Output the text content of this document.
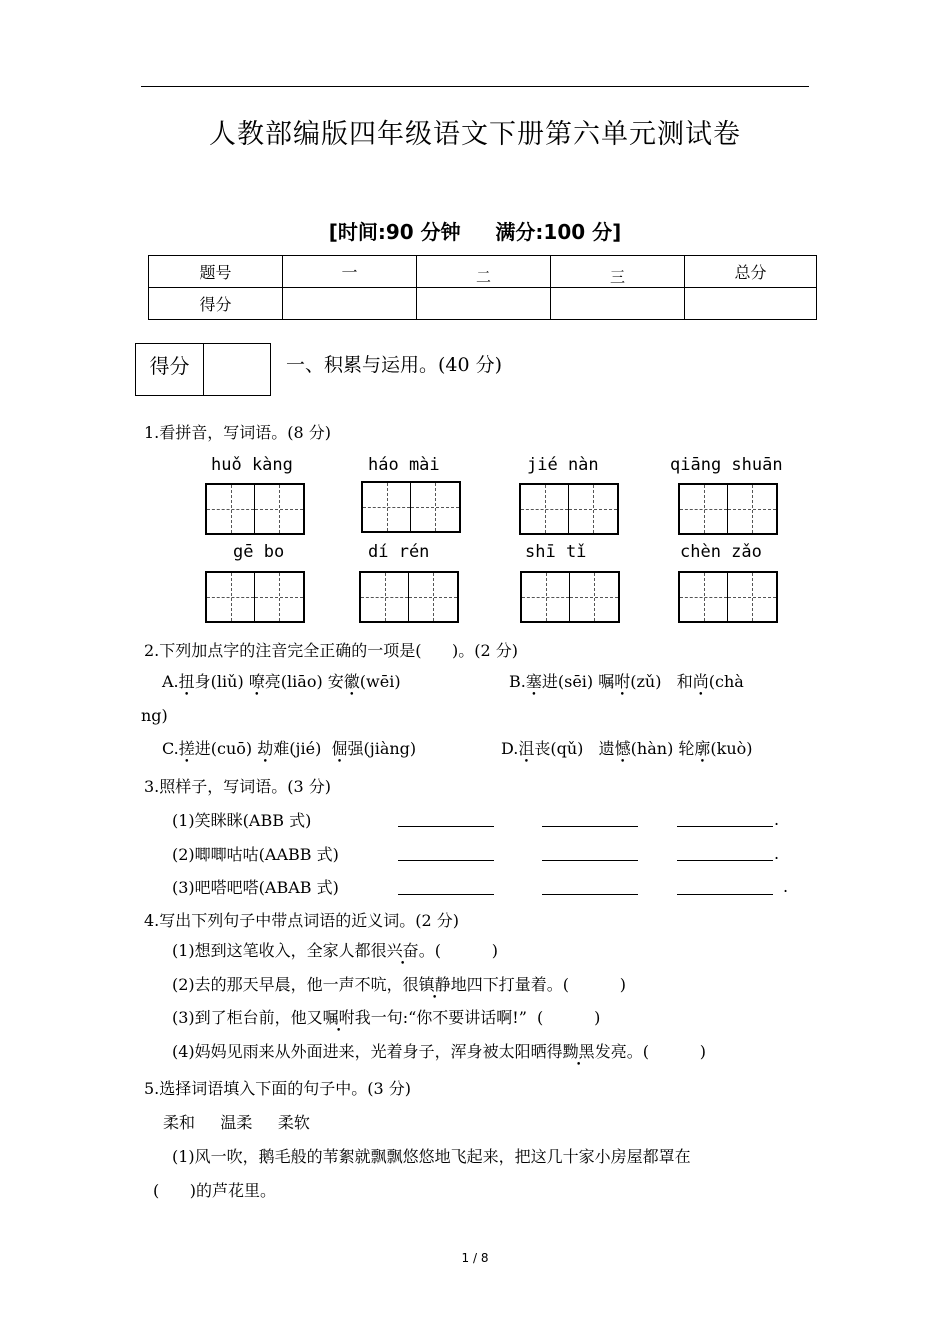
人教部编版四年级语文下册第六单元测试卷
[时间:90 分钟     满分:100 分]
题号	一	二	三	总分
得分				
得分	一、积累与运用。(40 分)
1.看拼音，写词语。(8 分)
huǒ kàng	háo mài	jié nàn	qiāng shuān
gē bo	dí rén	shī tǐ	chèn zǎo
2.下列加点字的注音完全正确的一项是(      )。(2 分)
A.扭身(liǔ) 嘹亮(liāo) 安徽(wēi)	B.塞进(sēi) 嘱咐(zǔ)   和尚(chà
ng)
C.搓进(cuō) 劫难(jié)  倔强(jiàng)	D.沮丧(qǔ)   遗憾(hàn) 轮廓(kuò)
3.照样子，写词语。(3 分)
(1)笑眯眯(ABB 式)	.
(2)唧唧咕咕(AABB 式)	.
(3)吧嗒吧嗒(ABAB 式)	.
4.写出下列句子中带点词语的近义词。(2 分)
(1)想到这笔收入，全家人都很兴奋。(          )
(2)去的那天早晨，他一声不吭，很镇静地四下打量着。(          )
(3)到了柜台前，他又嘱咐我一句:“你不要讲话啊!”  (          )
(4)妈妈见雨来从外面进来，光着身子，浑身被太阳晒得黝黑发亮。(          )
5.选择词语填入下面的句子中。(3 分)
柔和     温柔     柔软
(1)风一吹，鹅毛般的苇絮就飘飘悠悠地飞起来，把这几十家小房屋都罩在
(      )的芦花里。
1 / 8
